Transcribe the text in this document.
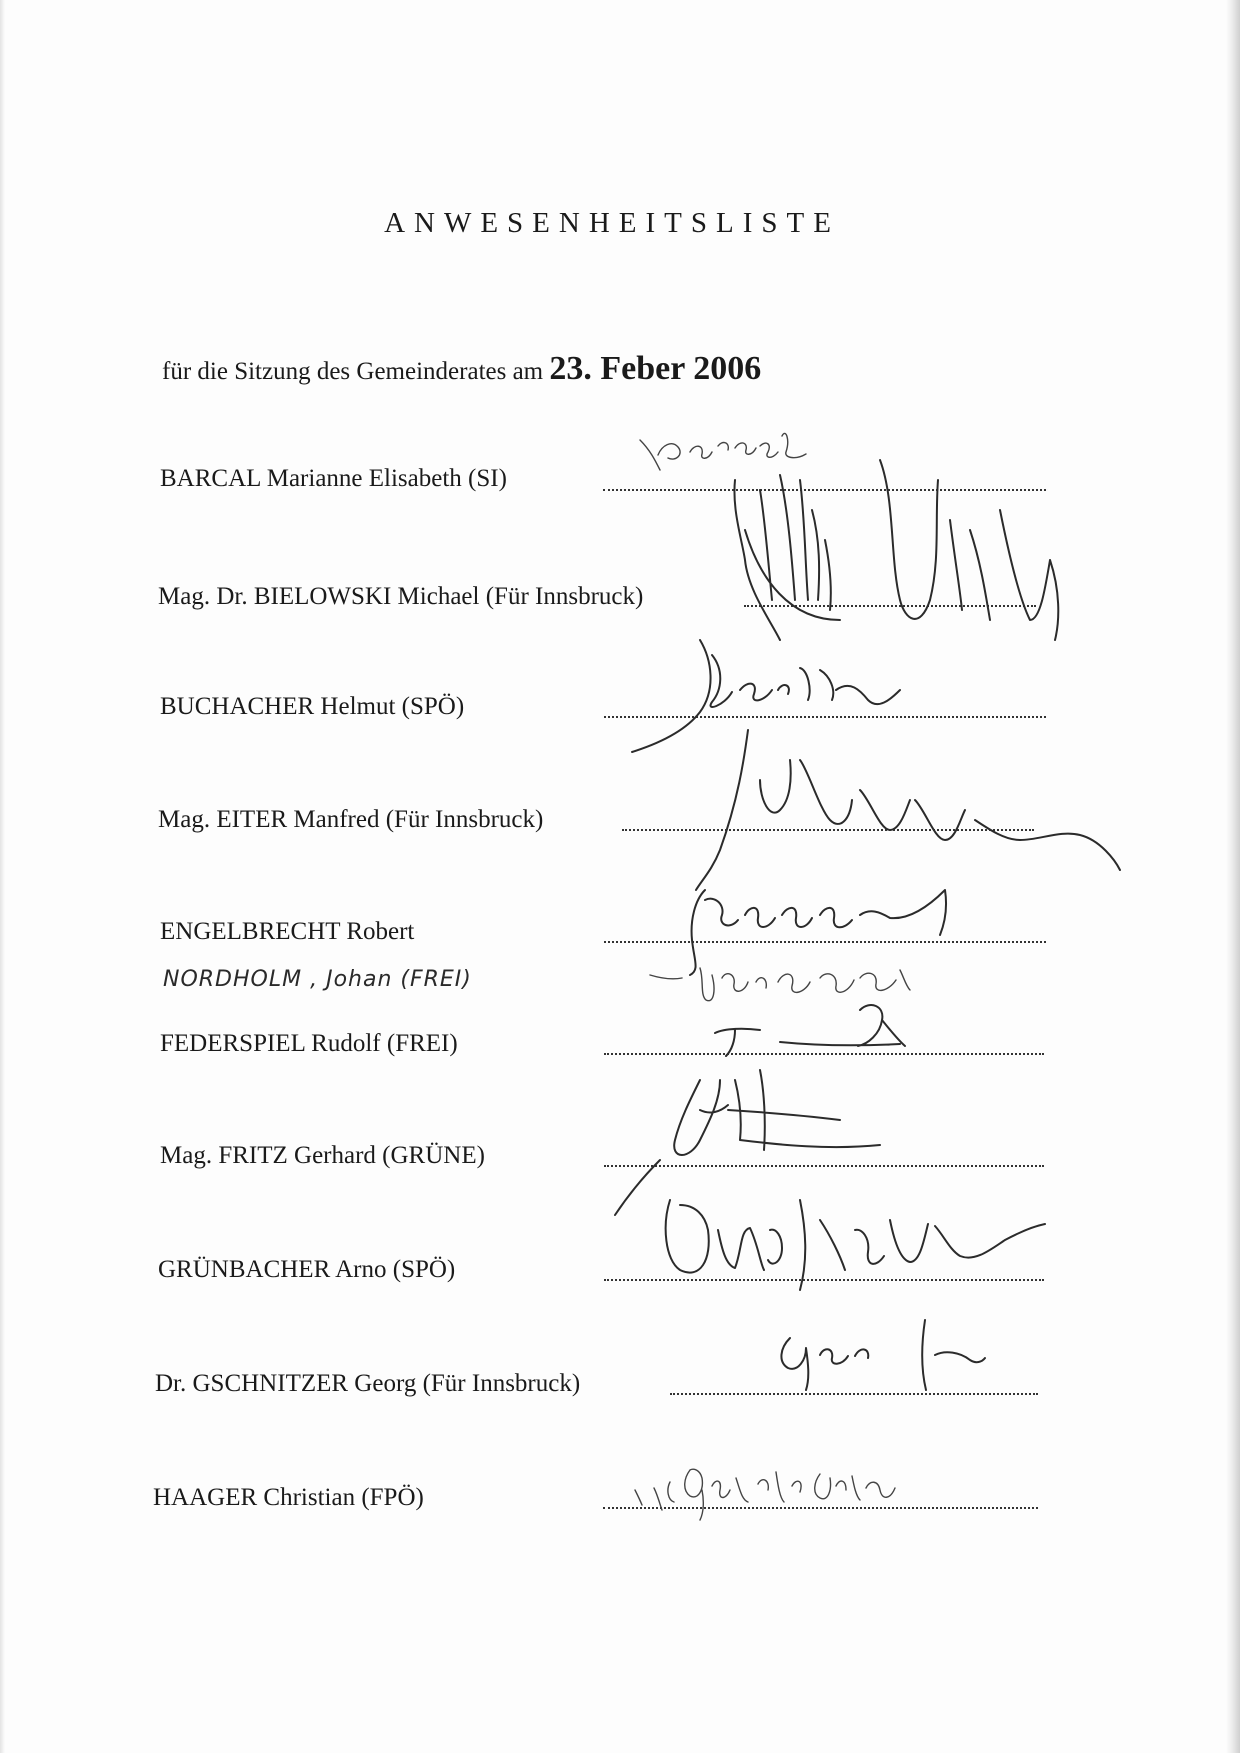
ANWESENHEITSLISTE
für die Sitzung des Gemeinderates am 23. Feber 2006
BARCAL Marianne Elisabeth (SI)
Mag. Dr. BIELOWSKI Michael (Für Innsbruck)
BUCHACHER Helmut (SPÖ)
Mag. EITER Manfred (Für Innsbruck)
ENGELBRECHT Robert
NORDHOLM , Johan (FREI)
FEDERSPIEL Rudolf (FREI)
Mag. FRITZ Gerhard (GRÜNE)
GRÜNBACHER Arno (SPÖ)
Dr. GSCHNITZER Georg (Für Innsbruck)
HAAGER Christian (FPÖ)
